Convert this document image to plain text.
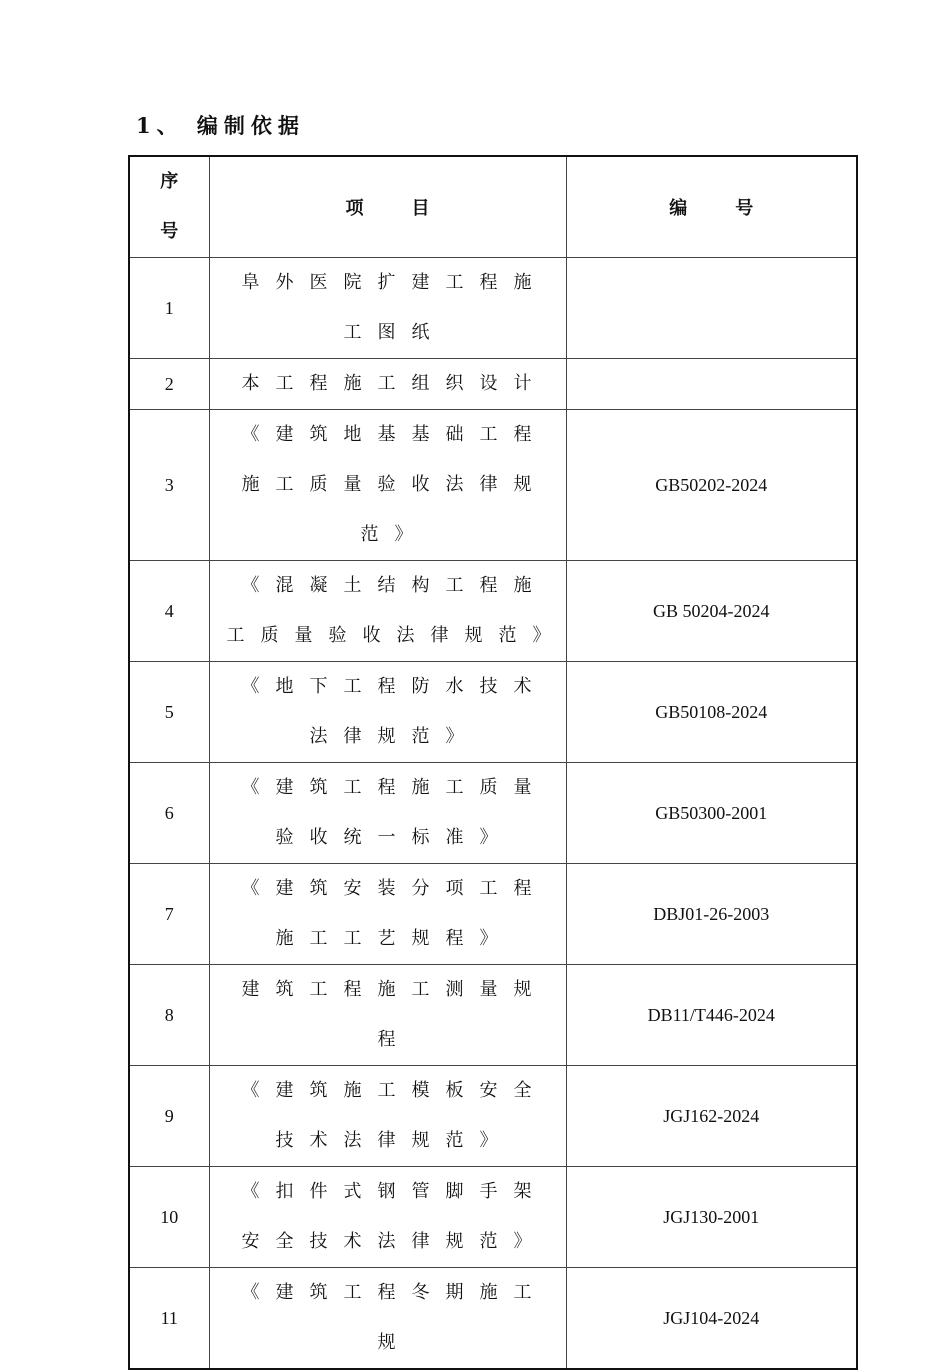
1、 编制依据
序号	项目	编号
1	阜外医院扩建工程施工图纸	
2	本工程施工组织设计	
3	《建筑地基基础工程施工质量验收法律规范》	GB50202-2024
4	《混凝土结构工程施工质量验收法律规范》	GB 50204-2024
5	《地下工程防水技术法律规范》	GB50108-2024
6	《建筑工程施工质量验收统一标准》	GB50300-2001
7	《建筑安装分项工程施工工艺规程》	DBJ01-26-2003
8	建筑工程施工测量规程	DB11/T446-2024
9	《建筑施工模板安全技术法律规范》	JGJ162-2024
10	《扣件式钢管脚手架安全技术法律规范》	JGJ130-2001
11	《建筑工程冬期施工规	JGJ104-2024
